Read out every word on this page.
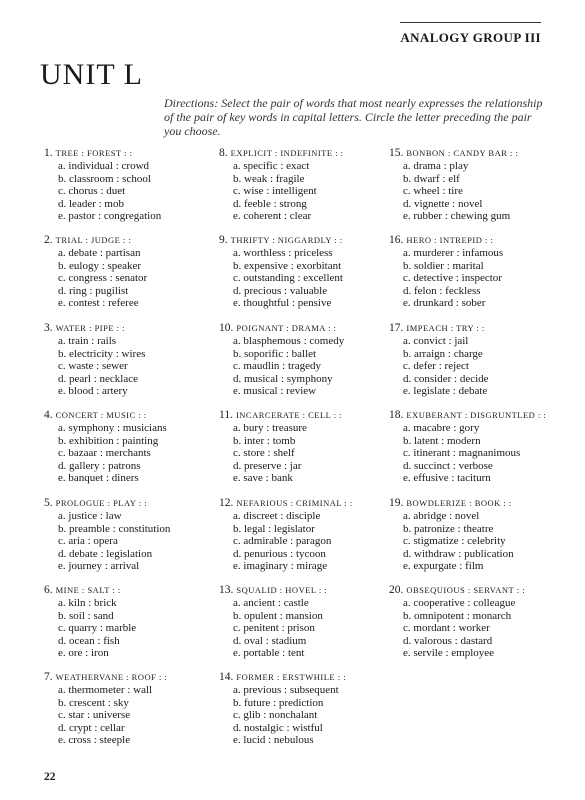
ANALOGY GROUP III
UNIT L
Directions: Select the pair of words that most nearly expresses the relationship of the pair of key words in capital letters. Circle the letter preceding the pair you choose.
1. TREE : FOREST : :
a. individual : crowd
b. classroom : school
c. chorus : duet
d. leader : mob
e. pastor : congregation
2. TRIAL : JUDGE : :
a. debate : partisan
b. eulogy : speaker
c. congress : senator
d. ring : pugilist
e. contest : referee
3. WATER : PIPE : :
a. train : rails
b. electricity : wires
c. waste : sewer
d. pearl : necklace
e. blood : artery
4. CONCERT : MUSIC : :
a. symphony : musicians
b. exhibition : painting
c. bazaar : merchants
d. gallery : patrons
e. banquet : diners
5. PROLOGUE : PLAY : :
a. justice : law
b. preamble : constitution
c. aria : opera
d. debate : legislation
e. journey : arrival
6. MINE : SALT : :
a. kiln : brick
b. soil : sand
c. quarry : marble
d. ocean : fish
e. ore : iron
7. WEATHERVANE : ROOF : :
a. thermometer : wall
b. crescent : sky
c. star : universe
d. crypt : cellar
e. cross : steeple
8. EXPLICIT : INDEFINITE : :
a. specific : exact
b. weak : fragile
c. wise : intelligent
d. feeble : strong
e. coherent : clear
9. THRIFTY : NIGGARDLY : :
a. worthless : priceless
b. expensive : exorbitant
c. outstanding : excellent
d. precious : valuable
e. thoughtful : pensive
10. POIGNANT : DRAMA : :
a. blasphemous : comedy
b. soporific : ballet
c. maudlin : tragedy
d. musical : symphony
e. musical : review
11. INCARCERATE : CELL : :
a. bury : treasure
b. inter : tomb
c. store : shelf
d. preserve : jar
e. save : bank
12. NEFARIOUS : CRIMINAL : :
a. discreet : disciple
b. legal : legislator
c. admirable : paragon
d. penurious : tycoon
e. imaginary : mirage
13. SQUALID : HOVEL : :
a. ancient : castle
b. opulent : mansion
c. penitent : prison
d. oval : stadium
e. portable : tent
14. FORMER : ERSTWHILE : :
a. previous : subsequent
b. future : prediction
c. glib : nonchalant
d. nostalgic : wistful
e. lucid : nebulous
15. BONBON : CANDY BAR : :
a. drama : play
b. dwarf : elf
c. wheel : tire
d. vignette : novel
e. rubber : chewing gum
16. HERO : INTREPID : :
a. murderer : infamous
b. soldier : marital
c. detective : inspector
d. felon : feckless
e. drunkard : sober
17. IMPEACH : TRY : :
a. convict : jail
b. arraign : charge
c. defer : reject
d. consider : decide
e. legislate : debate
18. EXUBERANT : DISGRUNTLED : :
a. macabre : gory
b. latent : modern
c. itinerant : magnanimous
d. succinct : verbose
e. effusive : taciturn
19. BOWDLERIZE : BOOK : :
a. abridge : novel
b. patronize : theatre
c. stigmatize : celebrity
d. withdraw : publication
e. expurgate : film
20. OBSEQUIOUS : SERVANT : :
a. cooperative : colleague
b. omnipotent : monarch
c. mordant : worker
d. valorous : dastard
e. servile : employee
22
